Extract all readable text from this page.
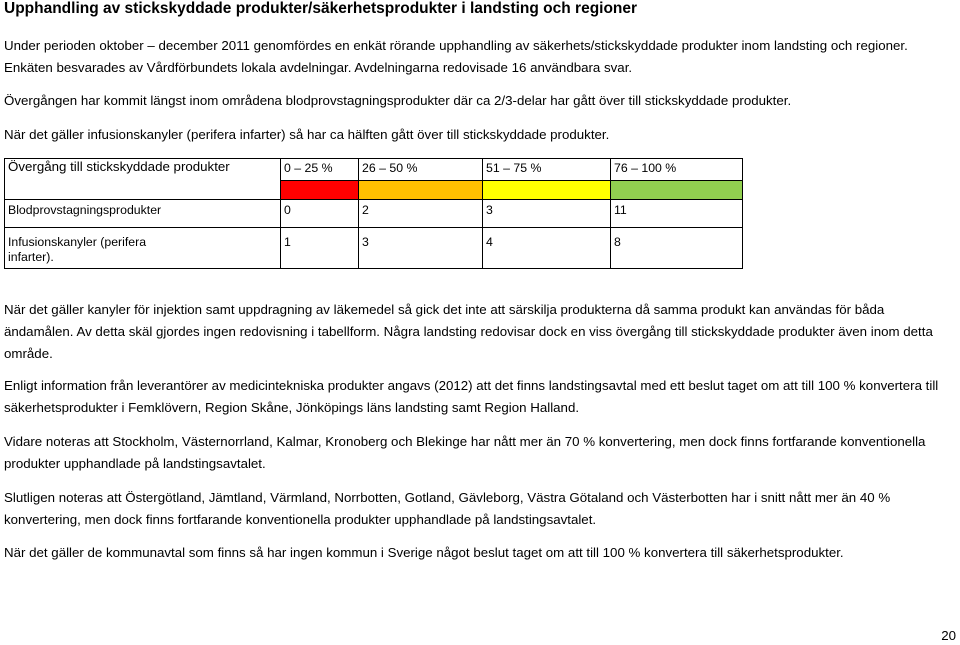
Upphandling av stickskyddade produkter/säkerhetsprodukter i landsting och regioner

Under perioden oktober – december 2011 genomfördes en enkät rörande upphandling av säkerhets/stickskyddade produkter inom landsting och regioner. Enkäten besvarades av Vårdförbundets lokala avdelningar. Avdelningarna redovisade 16 användbara svar.

Övergången har kommit längst inom områdena blodprovstagningsprodukter där ca 2/3-delar har gått över till stickskyddade produkter.

När det gäller infusionskanyler (perifera infarter) så har ca hälften gått över till stickskyddade produkter.

Övergång till stickskyddade produkter	0 – 25 %	26 – 50 %	51 – 75 %	76 – 100 %

Blodprovstagningsprodukter	0	2	3	11
Infusionskanyler (perifera infarter).	1	3	4	8

När det gäller kanyler för injektion samt uppdragning av läkemedel så gick det inte att särskilja produkterna då samma produkt kan användas för båda ändamålen. Av detta skäl gjordes ingen redovisning i tabellform. Några landsting redovisar dock en viss övergång till stickskyddade produkter även inom detta område.

Enligt information från leverantörer av medicintekniska produkter angavs (2012) att det finns landstingsavtal med ett beslut taget om att till 100 % konvertera till säkerhetsprodukter i Femklövern, Region Skåne, Jönköpings läns landsting samt Region Halland.

Vidare noteras att Stockholm, Västernorrland, Kalmar, Kronoberg och Blekinge har nått mer än 70 % konvertering, men dock finns fortfarande konventionella produkter upphandlade på landstingsavtalet.

Slutligen noteras att Östergötland, Jämtland, Värmland, Norrbotten, Gotland, Gävleborg, Västra Götaland och Västerbotten har i snitt nått mer än 40 % konvertering, men dock finns fortfarande konventionella produkter upphandlade på landstingsavtalet.

När det gäller de kommunavtal som finns så har ingen kommun i Sverige något beslut taget om att till 100 % konvertera till säkerhetsprodukter.

20
